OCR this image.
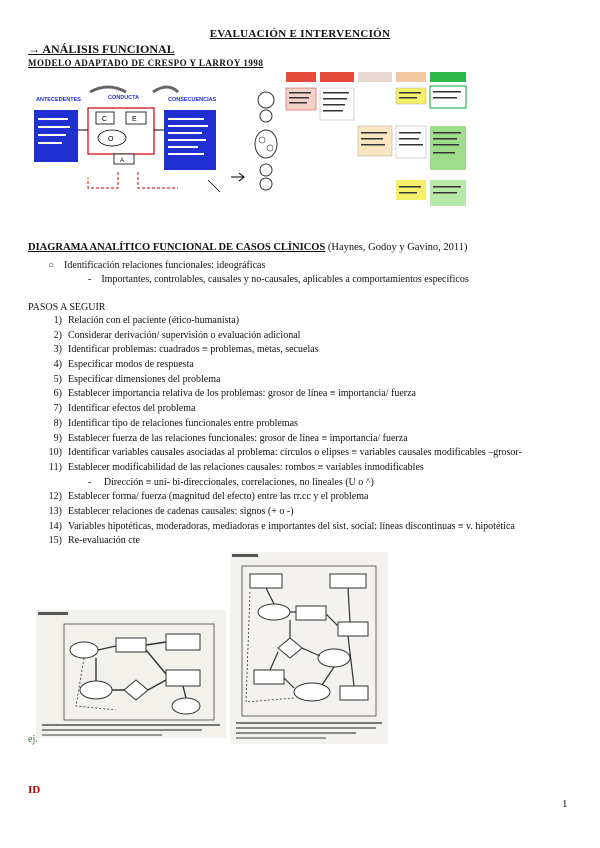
EVALUACIÓN E INTERVENCIÓN
→ ANÁLISIS FUNCIONAL
MODELO ADAPTADO DE CRESPO Y LARROY 1998
ANTECEDENTES	CONDUCTA	CONSECUENCIAS
C	E
O
A
DIAGRAMA ANALÍTICO FUNCIONAL DE CASOS CLÍNICOS (Haynes, Godoy y Gavino, 2011)
○    Identificación relaciones funcionales: ideográficas
-    Importantes, controlables, causales y no-causales, aplicables a comportamientos específicos
PASOS A SEGUIR
1) Relación con el paciente (ético-humanista)
2) Considerar derivación/ supervisión o evaluación adicional
3) Identificar problemas: cuadrados ≡ problemas, metas, secuelas
4) Especificar modos de respuesta
5) Especificar dimensiones del problema
6) Establecer importancia relativa de los problemas: grosor de línea ≡ importancia/ fuerza
7) Identificar efectos del problema
8) Identificar tipo de relaciones funcionales entre problemas
9) Establecer fuerza de las relaciones funcionales: grosor de línea ≡ importancia/ fuerza
10) Identificar variables causales asociadas al problema: círculos o elipses ≡ variables causales modificables –grosor-
11) Establecer modificabilidad de las relaciones causales: rombos ≡ variables inmodificables
- Dirección ≡ uni- bi-direccionales, correlaciones, no lineales (U o ^)
12) Establecer forma/ fuerza (magnitud del efecto) entre las rr.cc y el problema
13) Establecer relaciones de cadenas causales: signos (+ o -)
14) Variables hipotéticas, moderadoras, mediadoras e importantes del sist. social: líneas discontinuas ≡ v. hipotética
15) Re-evaluación cte
ej.
ID
1
